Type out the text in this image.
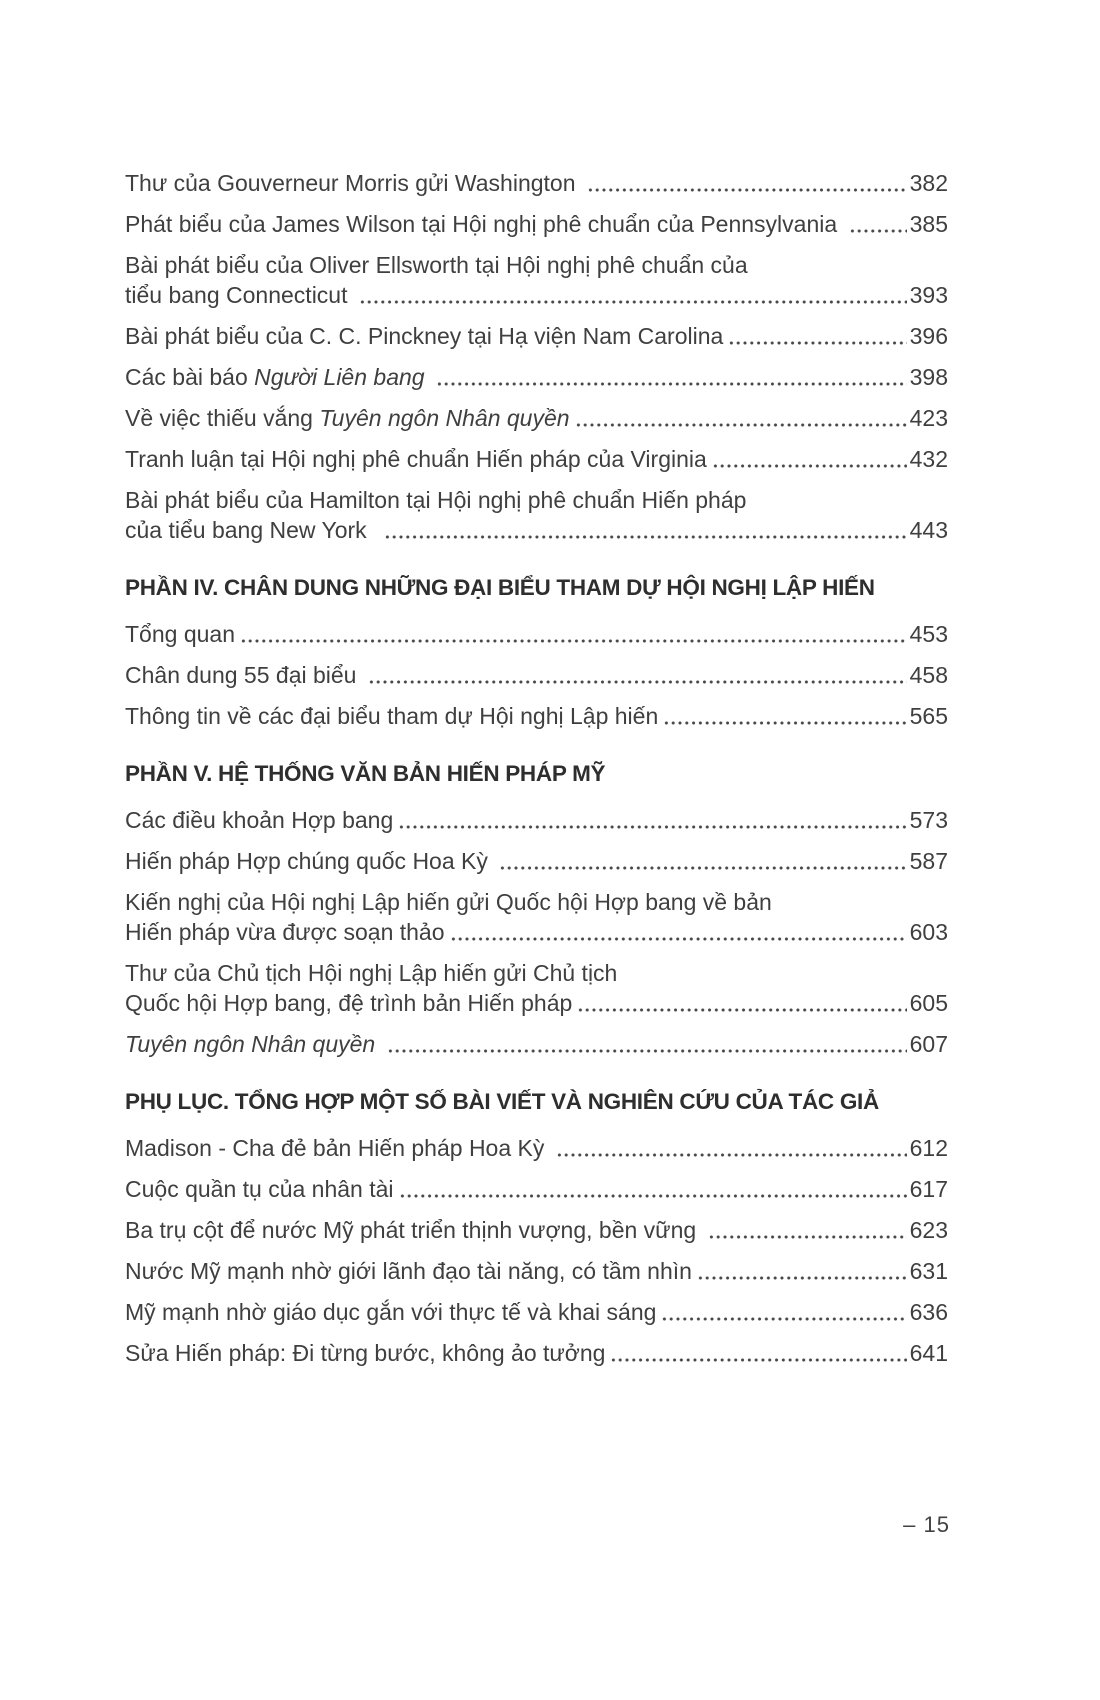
Thư của Gouverneur Morris gửi Washington	382
Phát biểu của James Wilson tại Hội nghị phê chuẩn của Pennsylvania	385
Bài phát biểu của Oliver Ellsworth tại Hội nghị phê chuẩn của
tiểu bang Connecticut	393
Bài phát biểu của C. C. Pinckney tại Hạ viện Nam Carolina	396
Các bài báo Người Liên bang	398
Về việc thiếu vắng Tuyên ngôn Nhân quyền	423
Tranh luận tại Hội nghị phê chuẩn Hiến pháp của Virginia	432
Bài phát biểu của Hamilton tại Hội nghị phê chuẩn Hiến pháp
của tiểu bang New York	443
PHẦN IV. CHÂN DUNG NHỮNG ĐẠI BIỂU THAM DỰ HỘI NGHỊ LẬP HIẾN
Tổng quan	453
Chân dung 55 đại biểu	458
Thông tin về các đại biểu tham dự Hội nghị Lập hiến	565
PHẦN V. HỆ THỐNG VĂN BẢN HIẾN PHÁP MỸ
Các điều khoản Hợp bang	573
Hiến pháp Hợp chúng quốc Hoa Kỳ	587
Kiến nghị của Hội nghị Lập hiến gửi Quốc hội Hợp bang về bản
Hiến pháp vừa được soạn thảo	603
Thư của Chủ tịch Hội nghị Lập hiến gửi Chủ tịch
Quốc hội Hợp bang, đệ trình bản Hiến pháp	605
Tuyên ngôn Nhân quyền	607
PHỤ LỤC. TỔNG HỢP MỘT SỐ BÀI VIẾT VÀ NGHIÊN CỨU CỦA TÁC GIẢ
Madison - Cha đẻ bản Hiến pháp Hoa Kỳ	612
Cuộc quần tụ của nhân tài	617
Ba trụ cột để nước Mỹ phát triển thịnh vượng, bền vững	623
Nước Mỹ mạnh nhờ giới lãnh đạo tài năng, có tầm nhìn	631
Mỹ mạnh nhờ giáo dục gắn với thực tế và khai sáng	636
Sửa Hiến pháp: Đi từng bước, không ảo tưởng	641
– 15
